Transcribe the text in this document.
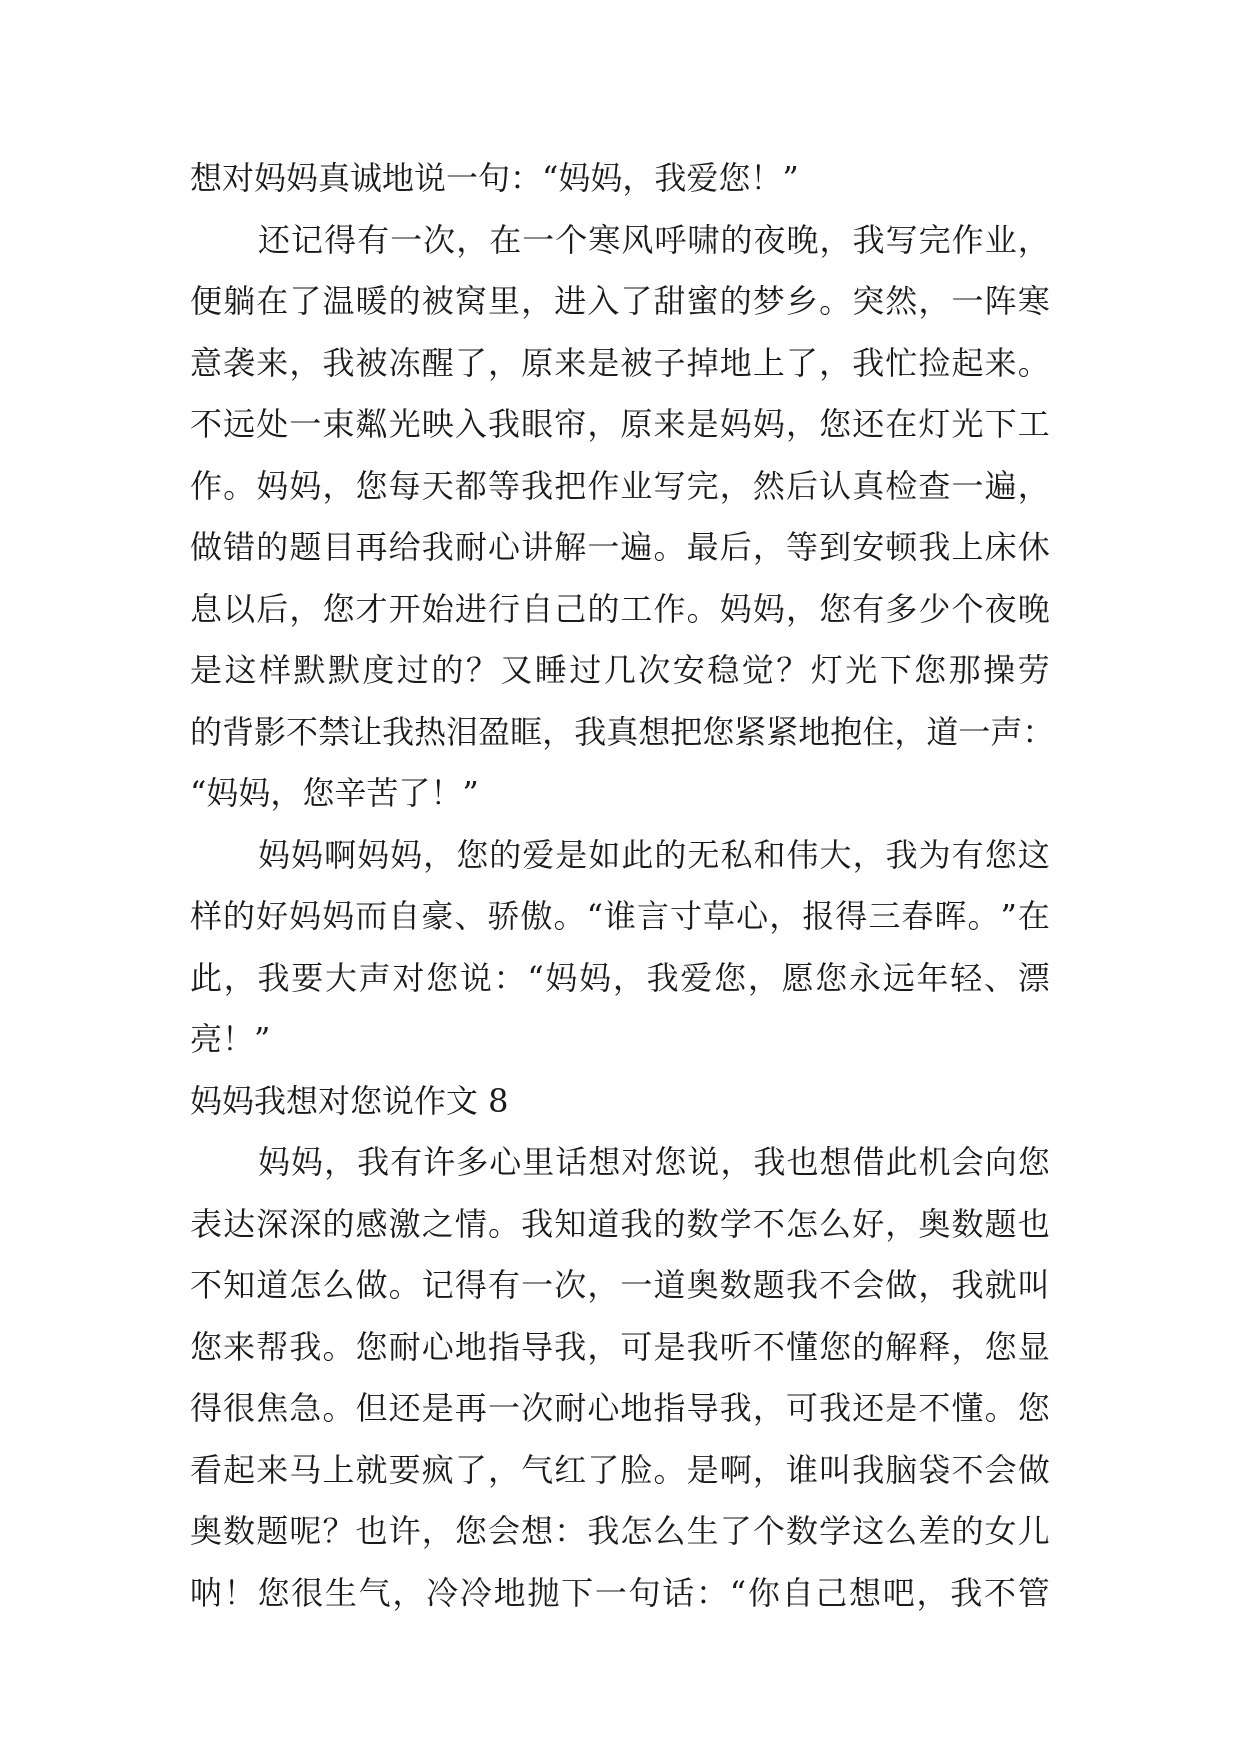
想对妈妈真诚地说一句：“妈妈，我爱您！”
还 记 得 有 一 次 ， 在 一 个 寒 风 呼 啸 的 夜 晚 ， 我 写 完 作 业 ，
便 躺 在 了 温 暖 的 被 窝 里 ， 进 入 了 甜 蜜 的 梦 乡 。 突 然 ， 一 阵 寒
意 袭 来 ， 我 被 冻 醒 了 ， 原 来 是 被 子 掉 地 上 了 ， 我 忙 捡 起 来 。
不 远 处 一 束 粼 光 映 入 我 眼 帘 ， 原 来 是 妈 妈 ， 您 还 在 灯 光 下 工
作 。 妈 妈 ， 您 每 天 都 等 我 把 作 业 写 完 ， 然 后 认 真 检 查 一 遍 ，
做 错 的 题 目 再 给 我 耐 心 讲 解 一 遍 。 最 后 ， 等 到 安 顿 我 上 床 休
息 以 后 ， 您 才 开 始 进 行 自 己 的 工 作 。 妈 妈 ， 您 有 多 少 个 夜 晚
是 这 样 默 默 度 过 的 ？ 又 睡 过 几 次 安 稳 觉 ？ 灯 光 下 您 那 操 劳
的 背 影 不 禁 让 我 热 泪 盈 眶 ， 我 真 想 把 您 紧 紧 地 抱 住 ， 道 一 声 ：
“妈妈，您辛苦了！”
妈 妈 啊 妈 妈 ， 您 的 爱 是 如 此 的 无 私 和 伟 大 ， 我 为 有 您 这
样 的 好 妈 妈 而 自 豪 、 骄 傲 。 “ 谁 言 寸 草 心 ， 报 得 三 春 晖 。 ” 在
此 ， 我 要 大 声 对 您 说 ： “ 妈 妈 ， 我 爱 您 ， 愿 您 永 远 年 轻 、 漂
亮！”
妈妈我想对您说作文 8
妈 妈 ， 我 有 许 多 心 里 话 想 对 您 说 ， 我 也 想 借 此 机 会 向 您
表 达 深 深 的 感 激 之 情 。 我 知 道 我 的 数 学 不 怎 么 好 ， 奥 数 题 也
不 知 道 怎 么 做 。 记 得 有 一 次 ， 一 道 奥 数 题 我 不 会 做 ， 我 就 叫
您 来 帮 我 。 您 耐 心 地 指 导 我 ， 可 是 我 听 不 懂 您 的 解 释 ， 您 显
得 很 焦 急 。 但 还 是 再 一 次 耐 心 地 指 导 我 ， 可 我 还 是 不 懂 。 您
看 起 来 马 上 就 要 疯 了 ， 气 红 了 脸 。 是 啊 ， 谁 叫 我 脑 袋 不 会 做
奥 数 题 呢 ？ 也 许 ， 您 会 想 ： 我 怎 么 生 了 个 数 学 这 么 差 的 女 儿
呐 ！ 您 很 生 气 ， 冷 冷 地 抛 下 一 句 话 ： “ 你 自 己 想 吧 ， 我 不 管
